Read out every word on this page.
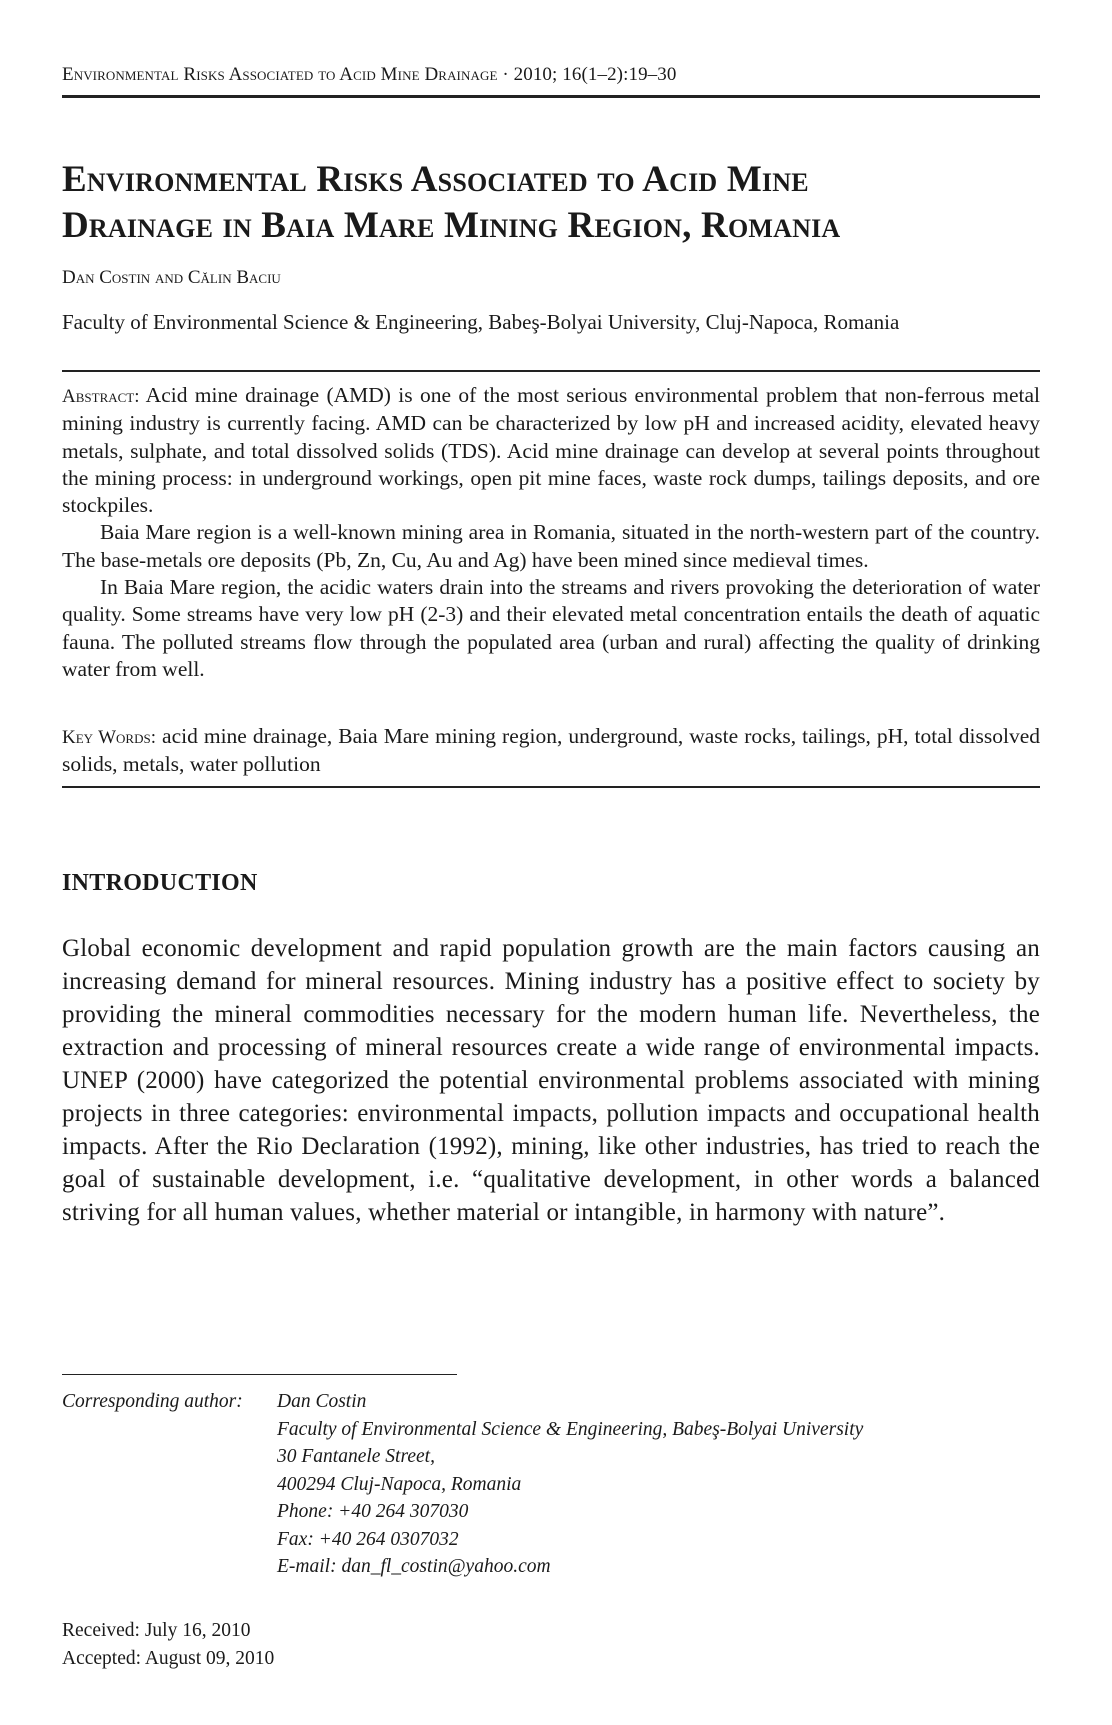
Environmental Risks Associated to Acid Mine Drainage · 2010; 16(1–2):19–30
Environmental Risks Associated to Acid Mine
Drainage in Baia Mare Mining Region, Romania
Dan Costin and Călin Baciu
Faculty of Environmental Science & Engineering, Babeş-Bolyai University, Cluj-Napoca, Romania

Abstract: Acid mine drainage (AMD) is one of the most serious environmental problem that non-ferrous metal mining industry is currently facing. AMD can be characterized by low pH and increased acidity, elevated heavy metals, sulphate, and total dissolved solids (TDS). Acid mine drainage can develop at several points throughout the mining process: in underground workings, open pit mine faces, waste rock dumps, tailings deposits, and ore stockpiles.

Baia Mare region is a well-known mining area in Romania, situated in the north-western part of the country. The base-metals ore deposits (Pb, Zn, Cu, Au and Ag) have been mined since medieval times.

In Baia Mare region, the acidic waters drain into the streams and rivers provoking the deterioration of water quality. Some streams have very low pH (2-3) and their elevated metal concentration entails the death of aquatic fauna. The polluted streams flow through the populated area (urban and rural) affecting the quality of drinking water from well.

Key Words: acid mine drainage, Baia Mare mining region, underground, waste rocks, tailings, pH, total dissolved solids, metals, water pollution
INTRODUCTION

Global economic development and rapid population growth are the main factors causing an increasing demand for mineral resources. Mining industry has a positive effect to society by providing the mineral commodities necessary for the modern human life. Nevertheless, the extraction and processing of mineral resources create a wide range of environmental impacts. UNEP (2000) have categorized the potential environmental problems associated with mining projects in three categories: environmental impacts, pollution impacts and occupational health impacts. After the Rio Declaration (1992), mining, like other industries, has tried to reach the goal of sustainable development, i.e. “qualitative development, in other words a balanced striving for all human values, whether material or intangible, in harmony with nature”.

Corresponding author: Dan Costin
Faculty of Environmental Science & Engineering, Babeş-Bolyai University
30 Fantanele Street,
400294 Cluj-Napoca, Romania
Phone: +40 264 307030
Fax: +40 264 0307032
E-mail: dan_fl_costin@yahoo.com
Received: July 16, 2010
Accepted: August 09, 2010
